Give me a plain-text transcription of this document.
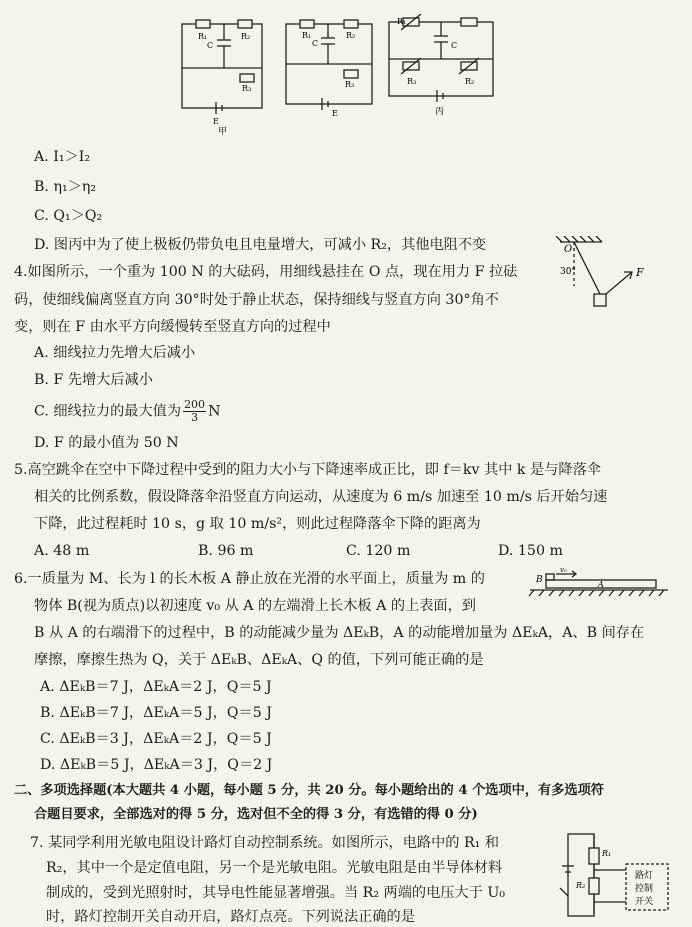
R₁	R₂
C
R₃
E
甲
R₁	R₂
C
R₃
E
R₁
C
R₃	R₂
丙
A. I₁＞I₂
B. η₁＞η₂
C. Q₁＞Q₂
D. 图丙中为了使上极板仍带负电且电量增大，可减小 R₂，其他电阻不变
4.如图所示，一个重为 100 N 的大砝码，用细线悬挂在 O 点，现在用力 F 拉砝
码，使细线偏离竖直方向 30°时处于静止状态，保持细线与竖直方向 30°角不
变，则在 F 由水平方向缓慢转至竖直方向的过程中
A. 细线拉力先增大后减小
B. F 先增大后减小
C. 细线拉力的最大值为 $\frac{200}{3}$ N
D. F 的最小值为 50 N
O
30°	F
5.高空跳伞在空中下降过程中受到的阻力大小与下降速率成正比，即 f＝kv 其中 k 是与降落伞
相关的比例系数，假设降落伞沿竖直方向运动，从速度为 6 m/s 加速至 10 m/s 后开始匀速
下降，此过程耗时 10 s，g 取 10 m/s²，则此过程降落伞下降的距离为
A. 48 m	B. 96 m	C. 120 m	D. 150 m
6.一质量为 M、长为 l 的长木板 A 静止放在光滑的水平面上，质量为 m 的
物体 B(视为质点)以初速度 v₀ 从 A 的左端滑上长木板 A 的上表面，到
B 从 A 的右端滑下的过程中，B 的动能减少量为 ΔEₖB，A 的动能增加量为 ΔEₖA，A、B 间存在
摩擦，摩擦生热为 Q，关于 ΔEₖB、ΔEₖA、Q 的值，下列可能正确的是
A. ΔEₖB＝7 J，ΔEₖA＝2 J，Q＝5 J
B. ΔEₖB＝7 J，ΔEₖA＝5 J，Q＝5 J
C. ΔEₖB＝3 J，ΔEₖA＝2 J，Q＝5 J
D. ΔEₖB＝5 J，ΔEₖA＝3 J，Q＝2 J
B
v₀
A
二、多项选择题(本大题共 4 小题，每小题 5 分，共 20 分。每小题给出的 4 个选项中，有多选项符
合题目要求，全部选对的得 5 分，选对但不全的得 3 分，有选错的得 0 分)
7. 某同学利用光敏电阻设计路灯自动控制系统。如图所示，电路中的 R₁ 和
R₂，其中一个是定值电阻，另一个是光敏电阻。光敏电阻是由半导体材料
制成的，受到光照射时，其导电性能显著增强。当 R₂ 两端的电压大于 U₀
时，路灯控制开关自动开启，路灯点亮。下列说法正确的是
R₁
R₂
路灯
控制
开关
